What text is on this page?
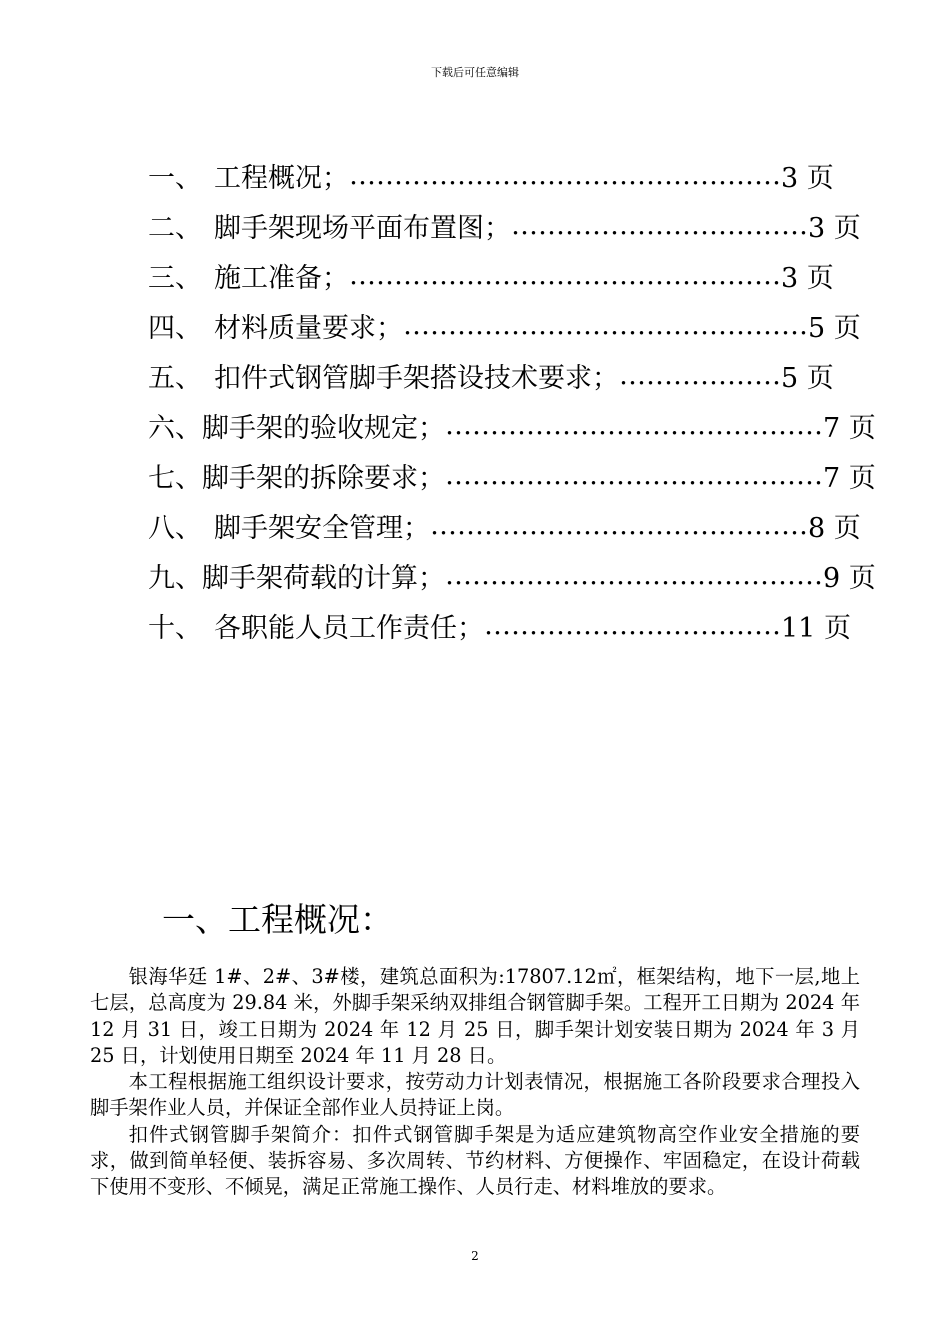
下载后可任意编辑
一、 工程概况； ………………………………………… 3 页
二、 脚手架现场平面布置图； …………………………… 3 页
三、 施工准备； ………………………………………… 3 页
四、 材料质量要求； ……………………………………… 5 页
五、 扣件式钢管脚手架搭设技术要求； ……………… 5 页
六、 脚手架的验收规定； …………………………………… 7 页
七、 脚手架的拆除要求； …………………………………… 7 页
八、 脚手架安全管理； …………………………………… 8 页
九、 脚手架荷载的计算； …………………………………… 9 页
十、 各职能人员工作责任； …………………………… 11 页
一、工程概况：

银海华廷 1#、2#、3#楼，建筑总面积为:17807.12㎡，框架结构，地下一层,地上七层，总高度为 29.84 米，外脚手架采纳双排组合钢管脚手架。工程开工日期为 2024 年 12 月 31 日，竣工日期为 2024 年 12 月 25 日，脚手架计划安装日期为 2024 年 3 月 25 日，计划使用日期至 2024 年 11 月 28 日。

本工程根据施工组织设计要求，按劳动力计划表情况，根据施工各阶段要求合理投入脚手架作业人员，并保证全部作业人员持证上岗。

扣件式钢管脚手架简介：扣件式钢管脚手架是为适应建筑物高空作业安全措施的要求，做到简单轻便、装拆容易、多次周转、节约材料、方便操作、牢固稳定，在设计荷载下使用不变形、不倾晃，满足正常施工操作、人员行走、材料堆放的要求。

2
